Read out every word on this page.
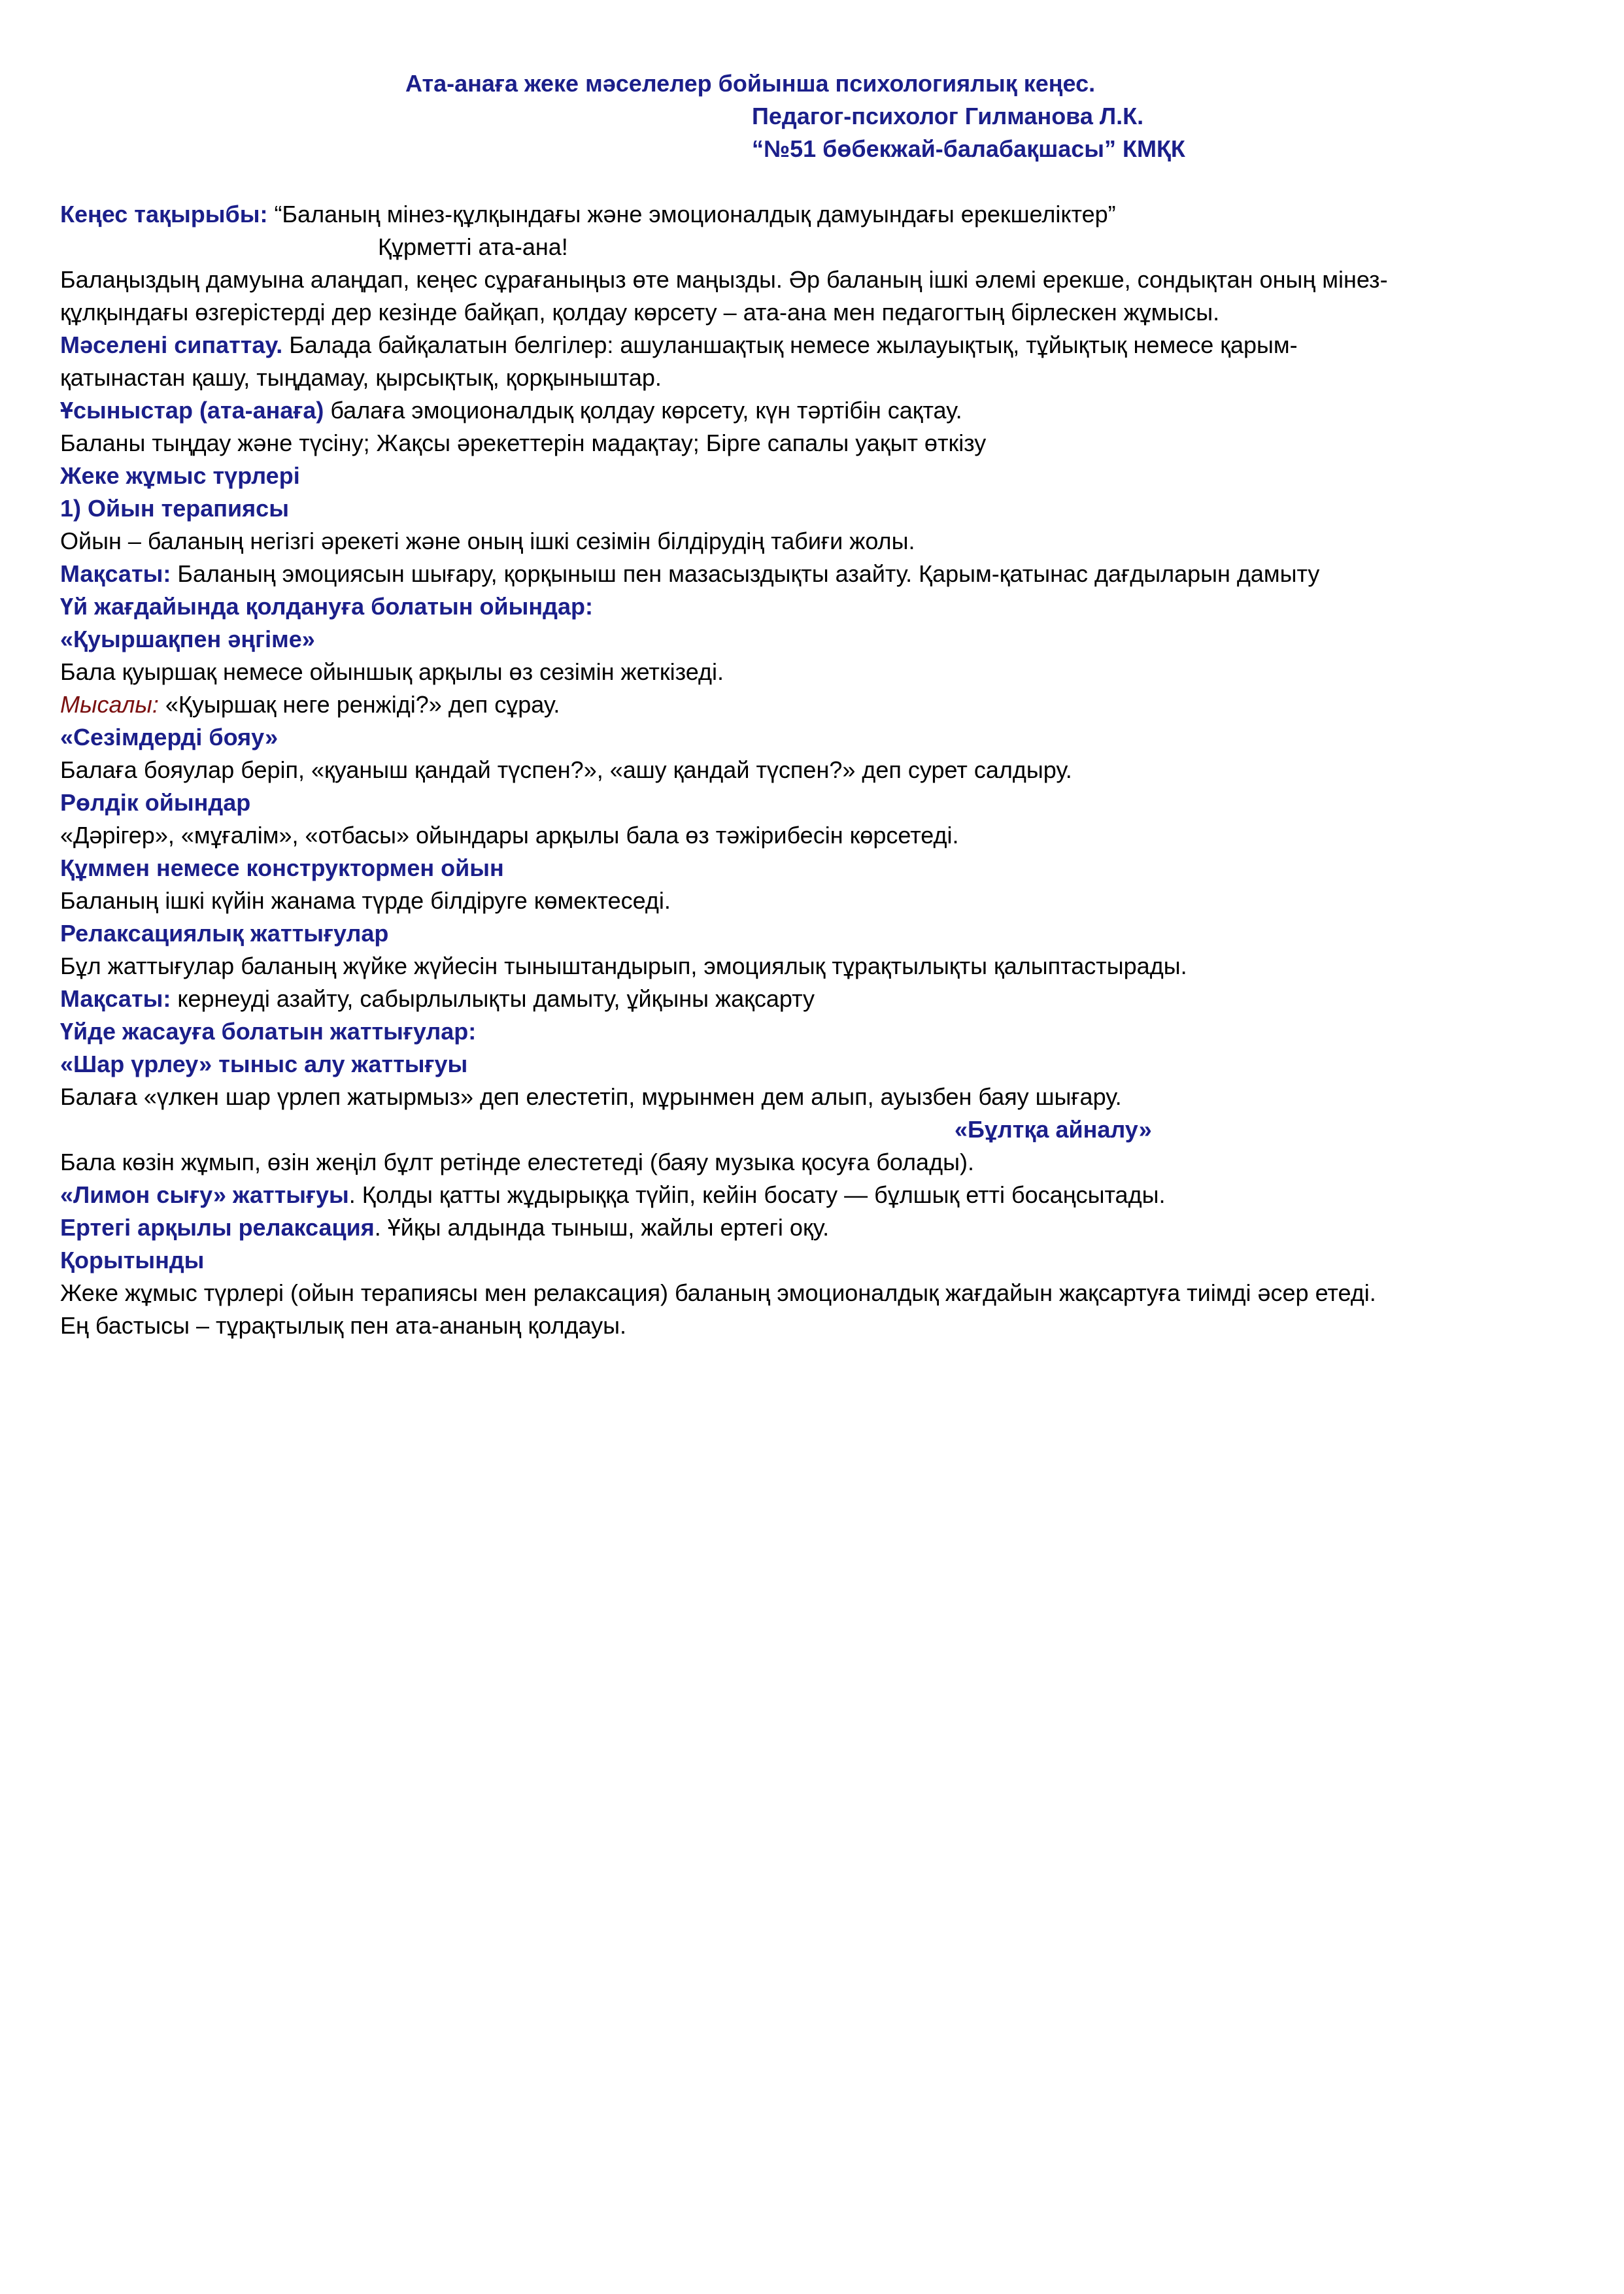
Ата-анаға жеке мәселелер бойынша психологиялық кеңес.
Педагог-психолог Гилманова Л.К.
“№51 бөбекжай-балабақшасы” КМҚК
Кеңес тақырыбы: “Баланың мінез-құлқындағы және эмоционалдық дамуындағы ерекшеліктер”
Құрметті ата-ана!
Балаңыздың дамуына алаңдап, кеңес сұрағаныңыз өте маңызды. Әр баланың ішкі әлемі ерекше, сондықтан оның мінез-
құлқындағы өзгерістерді дер кезінде байқап, қолдау көрсету – ата-ана мен педагогтың бірлескен жұмысы.
Мәселені сипаттау. Балада байқалатын белгілер: ашуланшақтық немесе жылауықтық, тұйықтық немесе қарым-
қатынастан қашу, тыңдамау, қырсықтық, қорқыныштар.
Ұсыныстар (ата-анаға) балаға эмоционалдық қолдау көрсету, күн тәртібін сақтау.
Баланы тыңдау және түсіну; Жақсы әрекеттерін мадақтау; Бірге сапалы уақыт өткізу
Жеке жұмыс түрлері
1) Ойын терапиясы
Ойын – баланың негізгі әрекеті және оның ішкі сезімін білдірудің табиғи жолы.
Мақсаты: Баланың эмоциясын шығару, қорқыныш пен мазасыздықты азайту. Қарым-қатынас дағдыларын дамыту
Үй жағдайында қолдануға болатын ойындар:
«Қуыршақпен әңгіме»
Бала қуыршақ немесе ойыншық арқылы өз сезімін жеткізеді.
Мысалы: «Қуыршақ неге ренжіді?» деп сұрау.
«Сезімдерді бояу»
Балаға бояулар беріп, «қуаныш қандай түспен?», «ашу қандай түспен?» деп сурет салдыру.
Рөлдік ойындар
«Дәрігер», «мұғалім», «отбасы» ойындары арқылы бала өз тәжірибесін көрсетеді.
Құммен немесе конструктормен ойын
Баланың ішкі күйін жанама түрде білдіруге көмектеседі.
Релаксациялық жаттығулар
Бұл жаттығулар баланың жүйке жүйесін тыныштандырып, эмоциялық тұрақтылықты қалыптастырады.
Мақсаты: кернеуді азайту, сабырлылықты дамыту, ұйқыны жақсарту
Үйде жасауға болатын жаттығулар:
«Шар үрлеу» тыныс алу жаттығуы
Балаға «үлкен шар үрлеп жатырмыз» деп елестетіп, мұрынмен дем алып, ауызбен баяу шығару.
«Бұлтқа айналу»
Бала көзін жұмып, өзін жеңіл бұлт ретінде елестетеді (баяу музыка қосуға болады).
«Лимон сығу» жаттығуы. Қолды қатты жұдырыққа түйіп, кейін босату — бұлшық етті босаңсытады.
Ертегі арқылы релаксация. Ұйқы алдында тыныш, жайлы ертегі оқу.
Қорытынды
Жеке жұмыс түрлері (ойын терапиясы мен релаксация) баланың эмоционалдық жағдайын жақсартуға тиімді әсер етеді.
Ең бастысы – тұрақтылық пен ата-ананың қолдауы.
